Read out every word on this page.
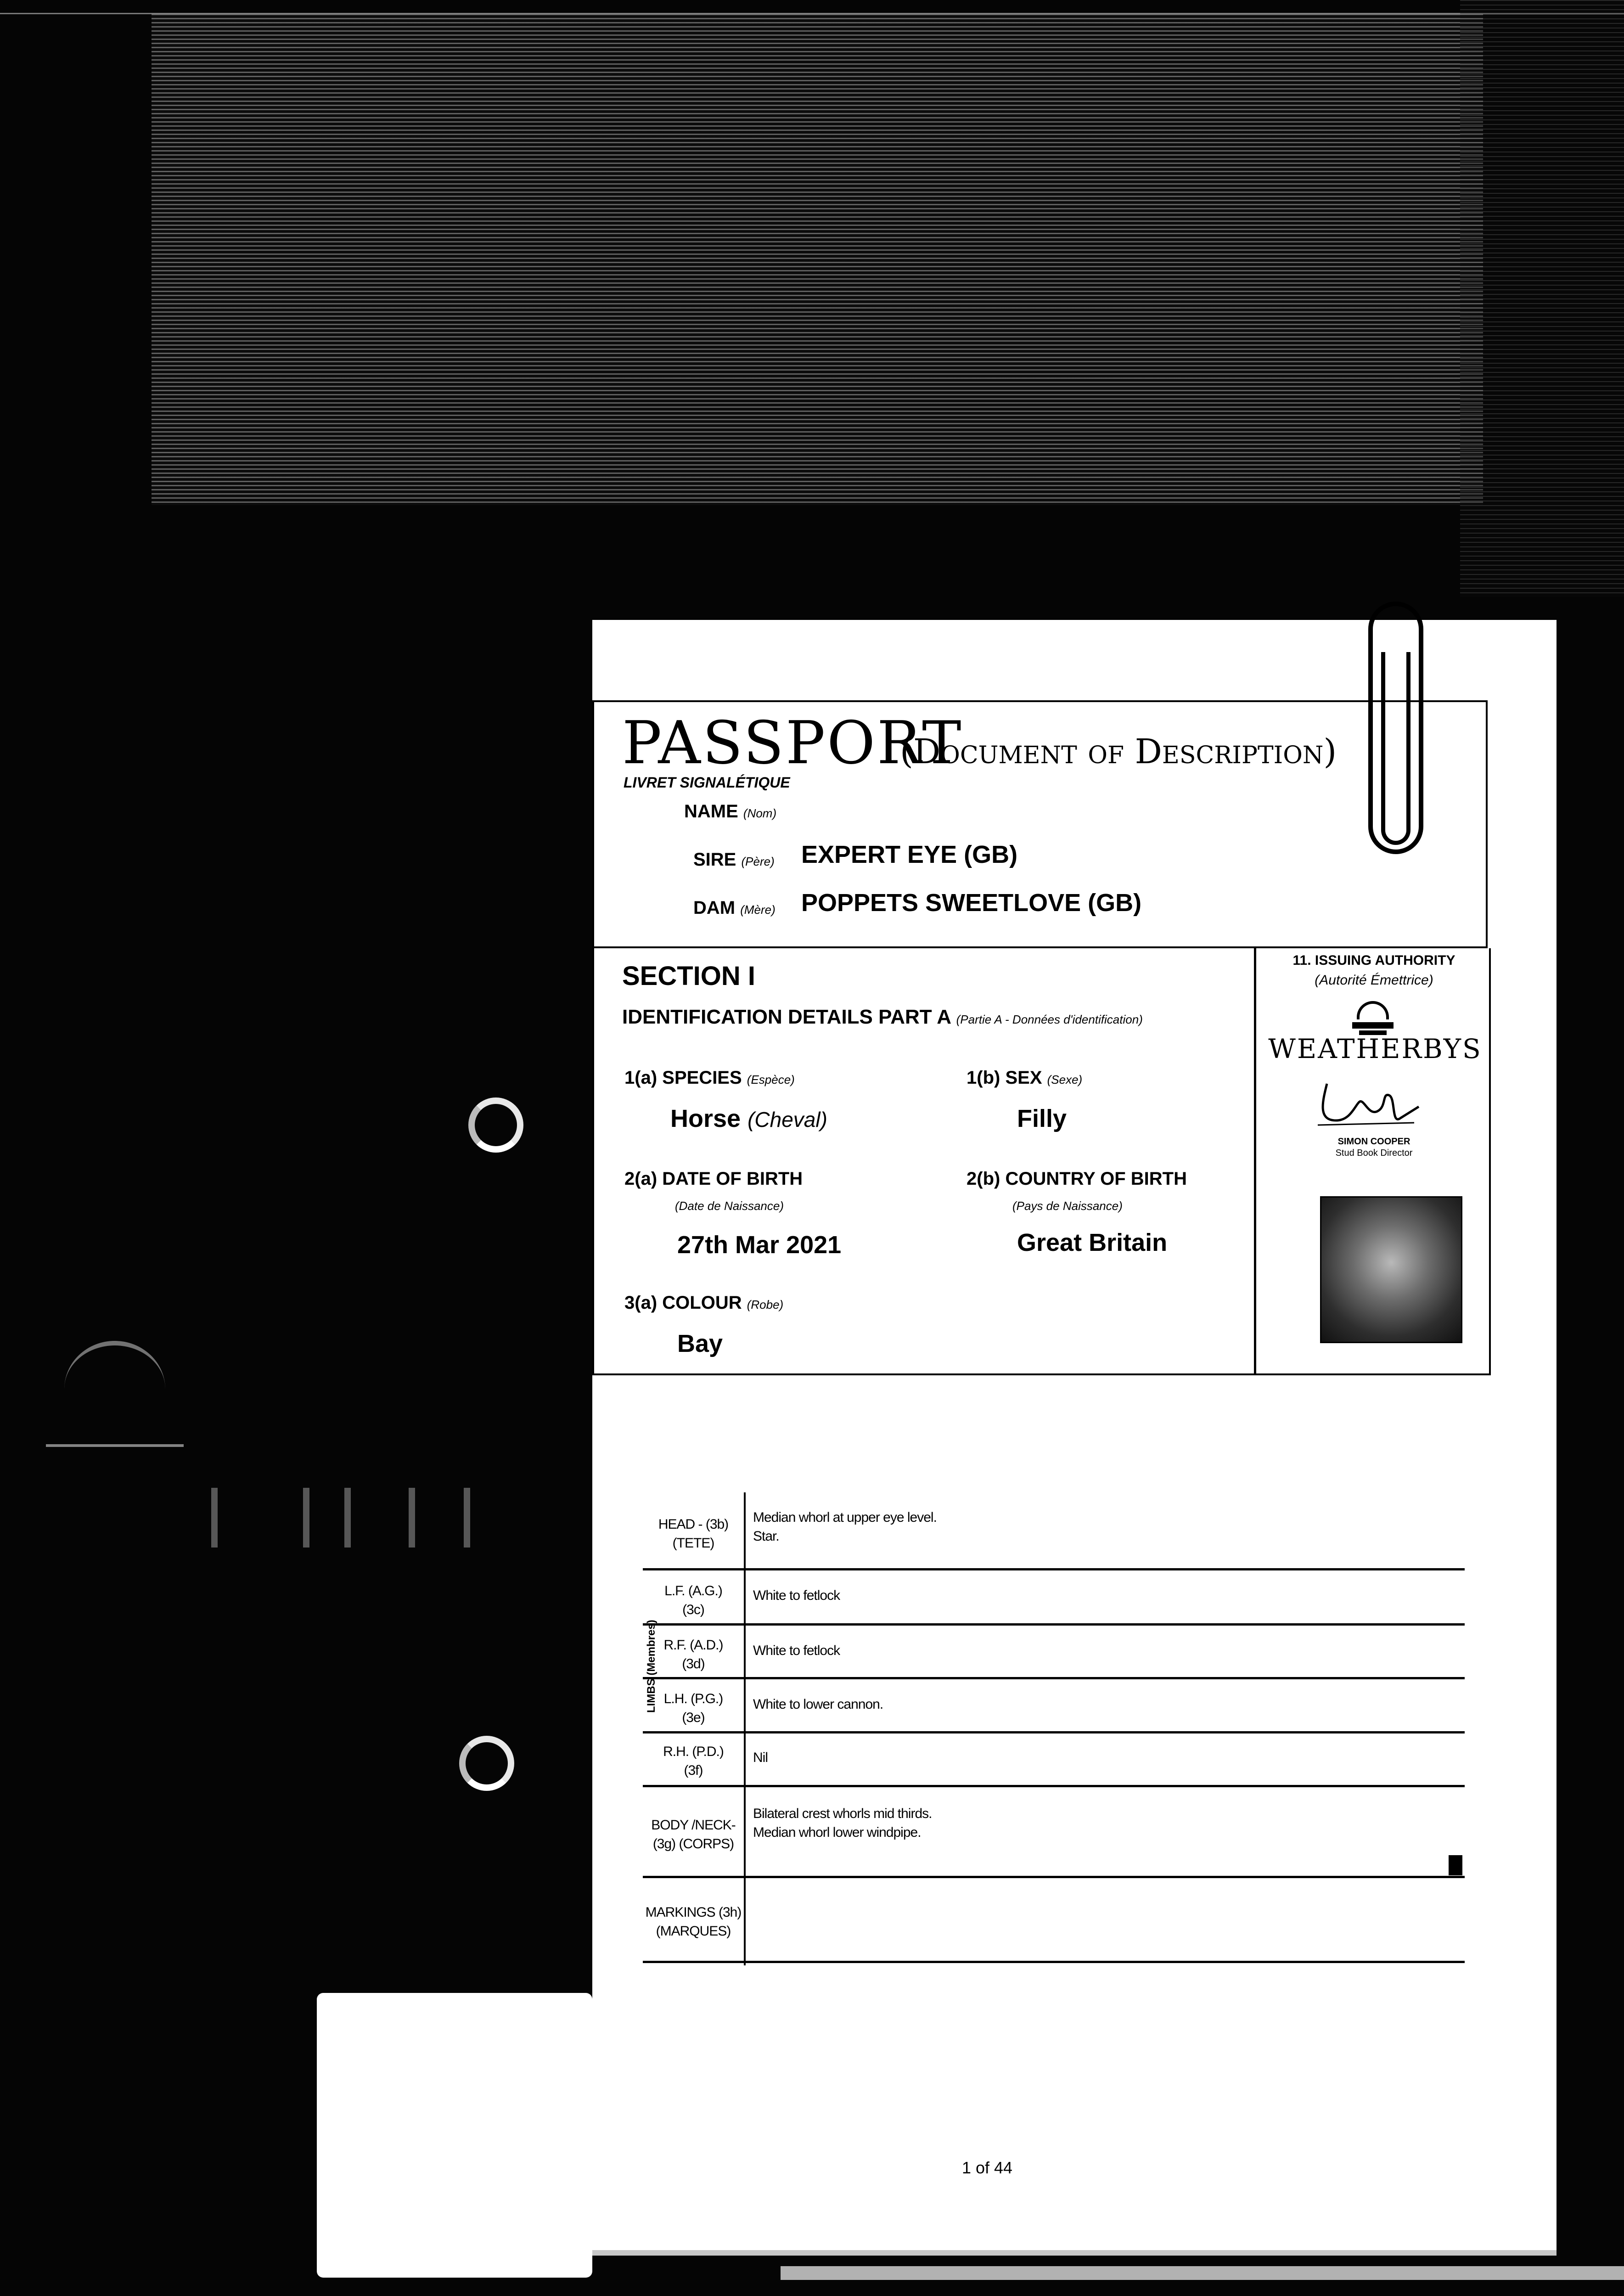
PASSPORT
(Document of Description)
LIVRET SIGNALÉTIQUE
NAME (Nom)
SIRE (Père) EXPERT EYE (GB)
DAM (Mère) POPPETS SWEETLOVE (GB)
SECTION I
IDENTIFICATION DETAILS PART A (Partie A - Données d'identification)
1(a) SPECIES (Espèce)
Horse (Cheval)
1(b) SEX (Sexe)
Filly
2(a) DATE OF BIRTH
(Date de Naissance)
27th Mar 2021
2(b) COUNTRY OF BIRTH
(Pays de Naissance)
Great Britain
3(a) COLOUR (Robe)
Bay
11. ISSUING AUTHORITY
(Autorité Émettrice)
WEATHERBYS
SIMON COOPER
Stud Book Director
LIMBS (Membres)
HEAD - (3b)
(TETE)
Median whorl at upper eye level.
Star.
L.F. (A.G.)
(3c)
White to fetlock
R.F. (A.D.)
(3d)
White to fetlock
L.H. (P.G.)
(3e)
White to lower cannon.
R.H. (P.D.)
(3f)
Nil
BODY /NECK-
(3g) (CORPS)
Bilateral crest whorls mid thirds.
Median whorl lower windpipe.
MARKINGS (3h)
(MARQUES)
1 of 44
